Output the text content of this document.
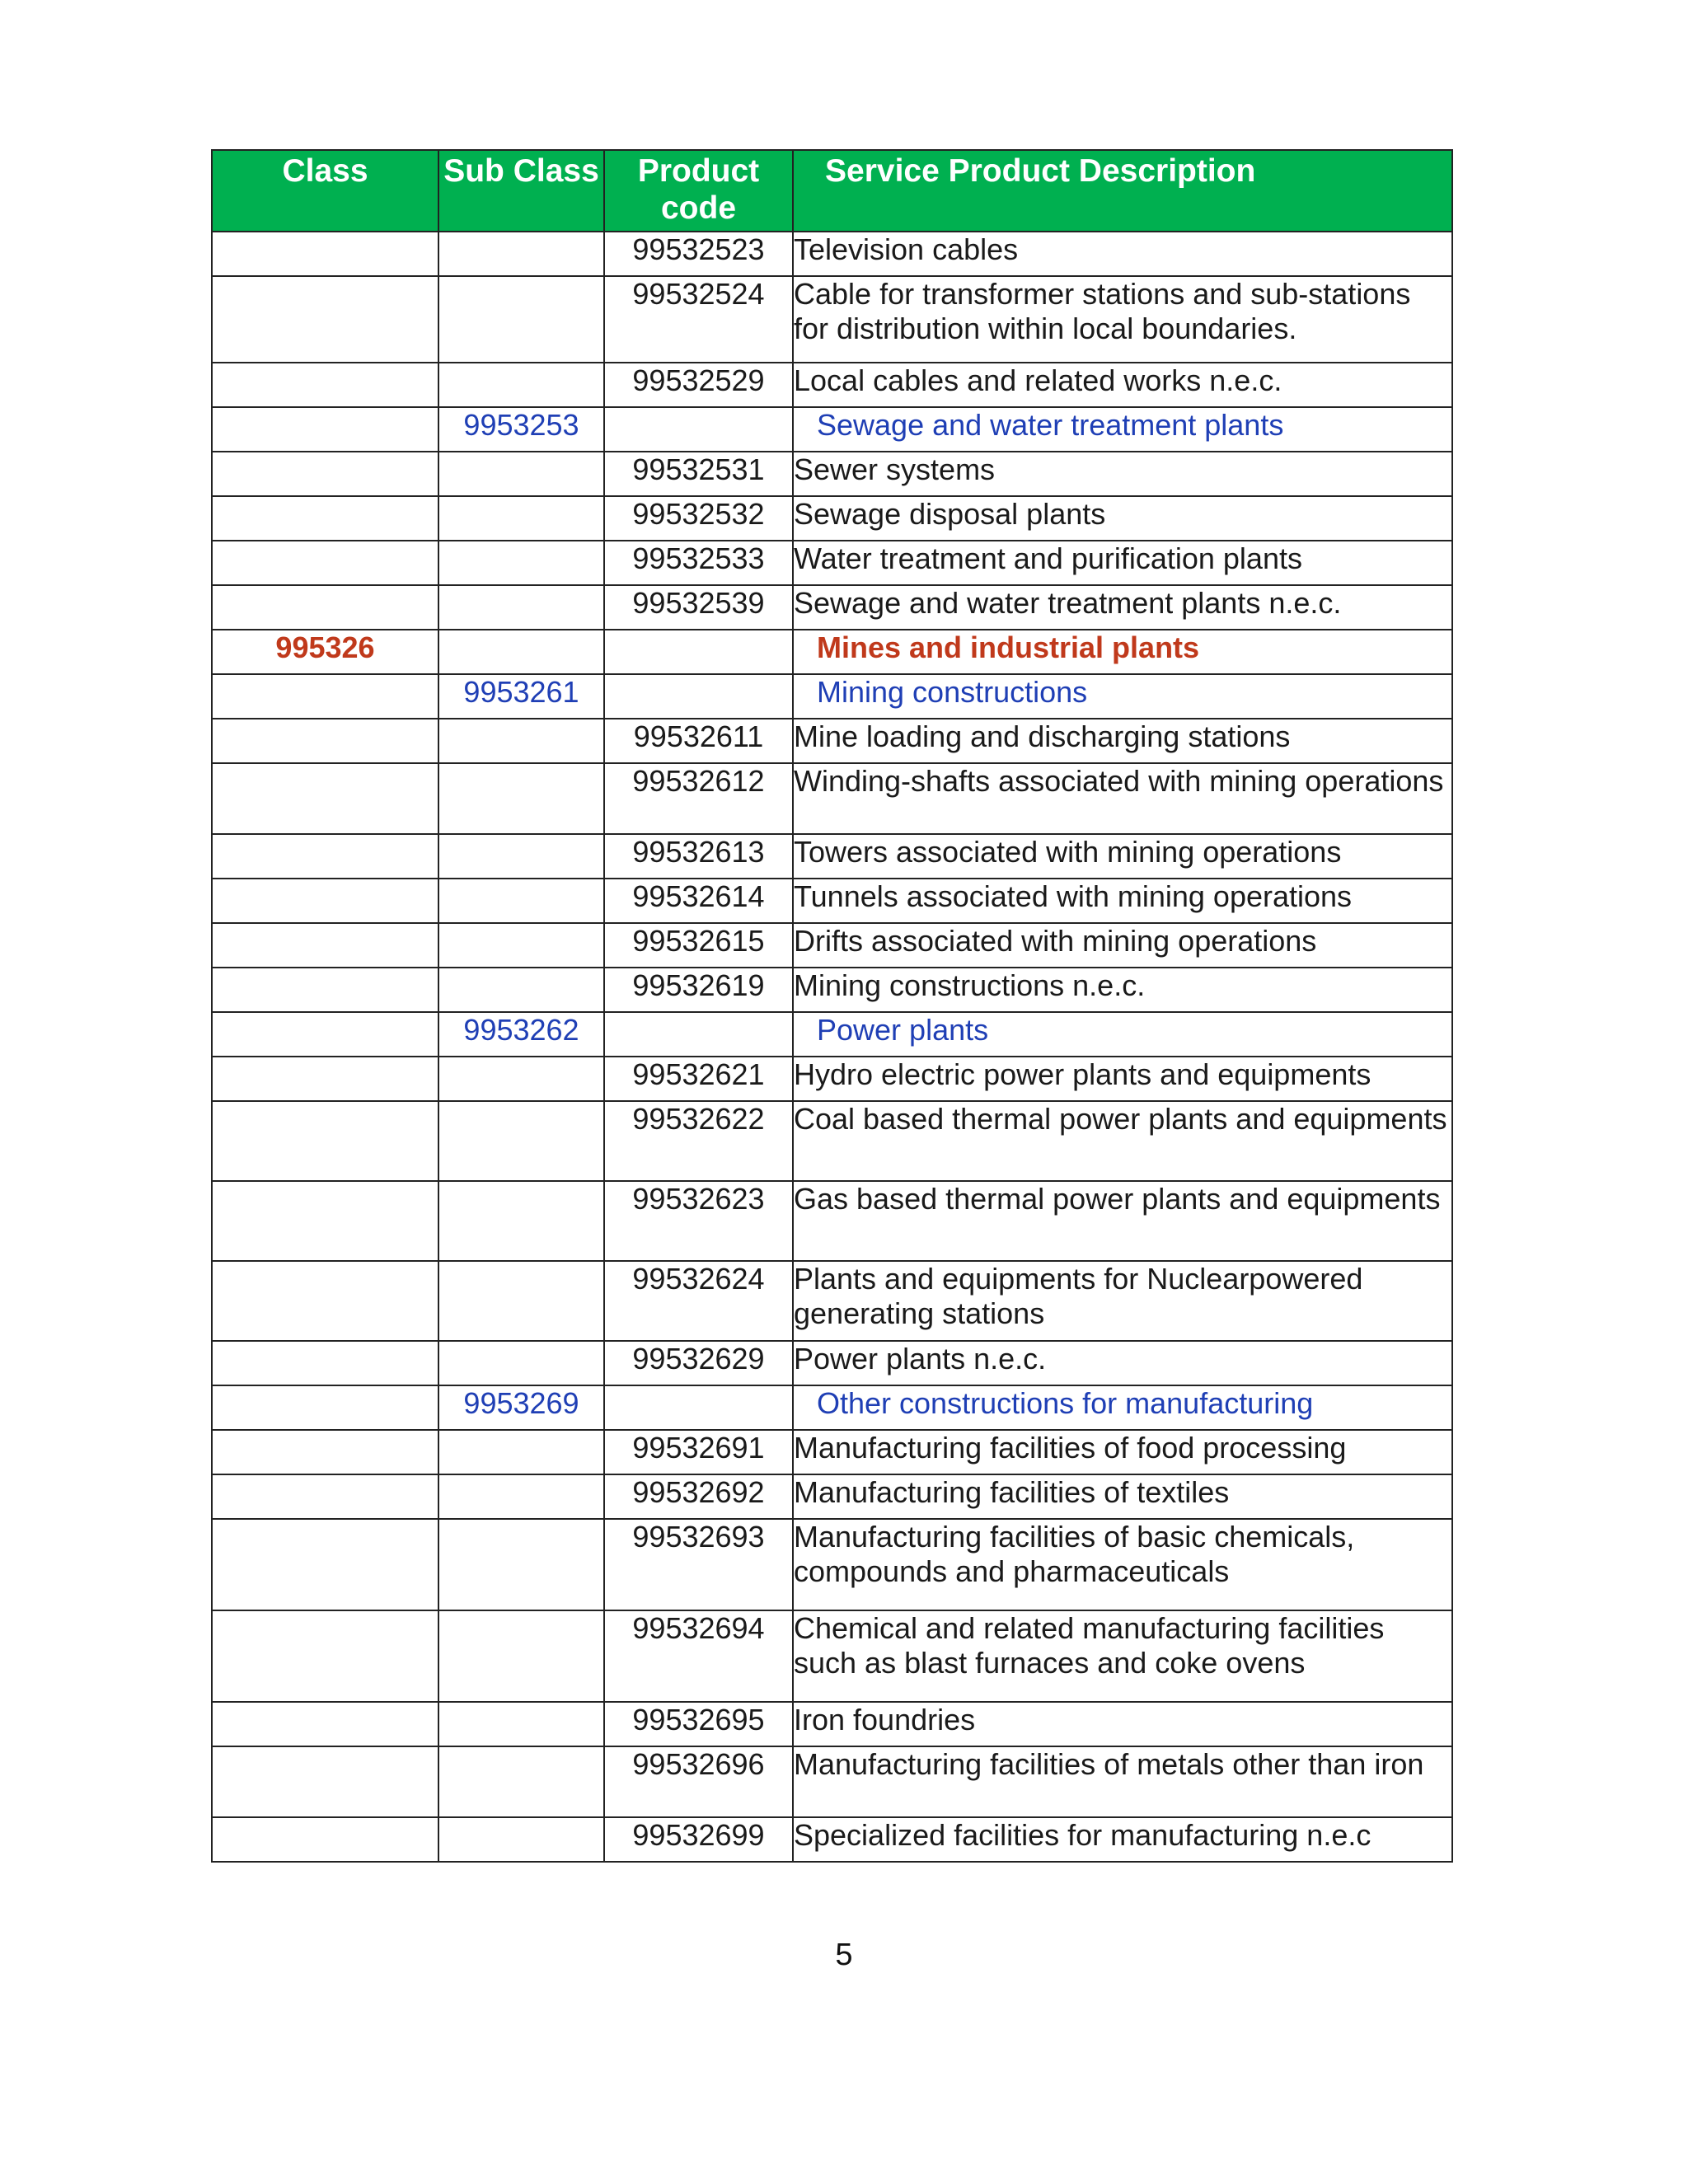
Class	Sub Class	Product code	Service Product Description
		99532523	Television cables
		99532524	Cable for transformer stations and sub-stations for distribution within local boundaries.
		99532529	Local cables and related works n.e.c.
	9953253		Sewage and water treatment plants
		99532531	Sewer systems
		99532532	Sewage disposal plants
		99532533	Water treatment and purification plants
		99532539	Sewage and water treatment plants n.e.c.
995326			Mines and industrial plants
	9953261		Mining constructions
		99532611	Mine loading and discharging stations
		99532612	Winding-shafts associated with mining operations
		99532613	Towers associated with mining operations
		99532614	Tunnels associated with mining operations
		99532615	Drifts associated with mining operations
		99532619	Mining constructions n.e.c.
	9953262		Power plants
		99532621	Hydro electric power plants and equipments
		99532622	Coal based thermal power plants and equipments
		99532623	Gas based thermal power plants and equipments
		99532624	Plants and equipments for Nuclearpowered generating stations
		99532629	Power plants n.e.c.
	9953269		Other constructions for manufacturing
		99532691	Manufacturing facilities of food processing
		99532692	Manufacturing facilities of textiles
		99532693	Manufacturing facilities of basic chemicals, compounds and pharmaceuticals
		99532694	Chemical and related manufacturing facilities such as blast furnaces and coke ovens
		99532695	Iron foundries
		99532696	Manufacturing facilities of metals other than iron
		99532699	Specialized facilities for manufacturing n.e.c
5
